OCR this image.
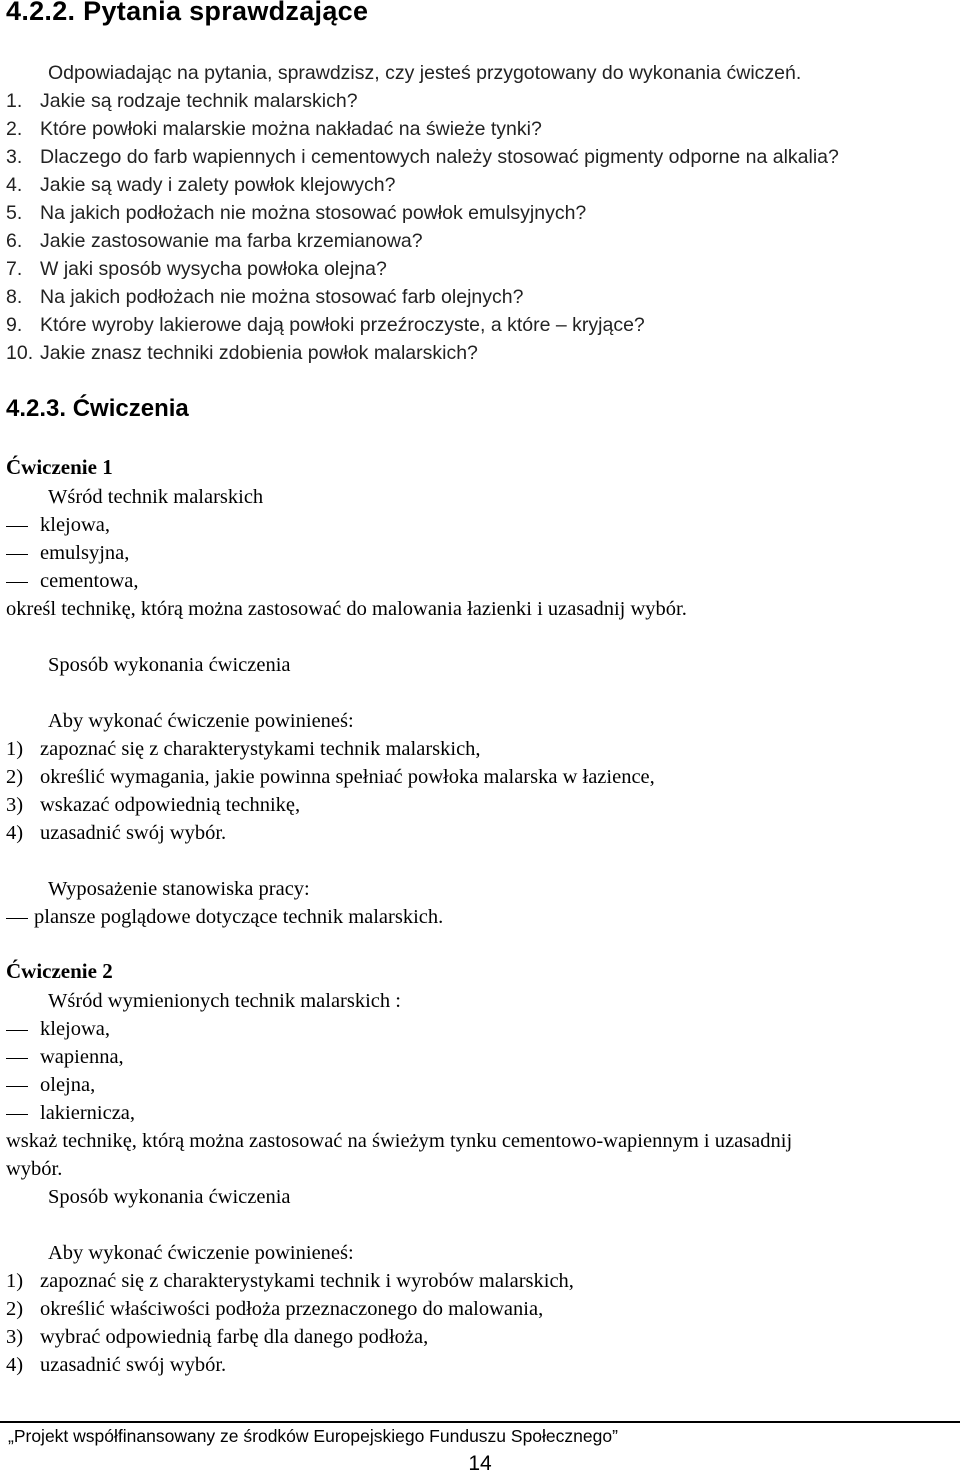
4.2.2. Pytania sprawdzające
Odpowiadając na pytania, sprawdzisz, czy jesteś przygotowany do wykonania ćwiczeń.
1. Jakie są rodzaje technik malarskich?
2. Które powłoki malarskie można nakładać na świeże tynki?
3. Dlaczego do farb wapiennych i cementowych należy stosować pigmenty odporne na alkalia?
4. Jakie są wady i zalety powłok klejowych?
5. Na jakich podłożach nie można stosować powłok emulsyjnych?
6. Jakie zastosowanie ma farba krzemianowa?
7. W jaki sposób wysycha powłoka olejna?
8. Na jakich podłożach nie można stosować farb olejnych?
9. Które wyroby lakierowe dają powłoki przeźroczyste, a które – kryjące?
10. Jakie znasz techniki zdobienia powłok malarskich?
4.2.3. Ćwiczenia
Ćwiczenie 1
Wśród technik malarskich
klejowa,
emulsyjna,
cementowa,
określ technikę, którą można zastosować do malowania łazienki i uzasadnij wybór.
Sposób wykonania ćwiczenia
Aby wykonać ćwiczenie powinieneś:
1) zapoznać się z charakterystykami technik malarskich,
2) określić wymagania, jakie powinna spełniać powłoka malarska w łazience,
3) wskazać odpowiednią technikę,
4) uzasadnić swój wybór.
Wyposażenie stanowiska pracy:
plansze poglądowe dotyczące technik malarskich.
Ćwiczenie 2
Wśród wymienionych technik malarskich :
klejowa,
wapienna,
olejna,
lakiernicza,
wskaż technikę, którą można zastosować na świeżym tynku cementowo-wapiennym i uzasadnij
wybór.
Sposób wykonania ćwiczenia
Aby wykonać ćwiczenie powinieneś:
1) zapoznać się z charakterystykami technik i wyrobów malarskich,
2) określić właściwości podłoża przeznaczonego do malowania,
3) wybrać odpowiednią farbę dla danego podłoża,
4) uzasadnić swój wybór.
„Projekt współfinansowany ze środków Europejskiego Funduszu Społecznego”
14
